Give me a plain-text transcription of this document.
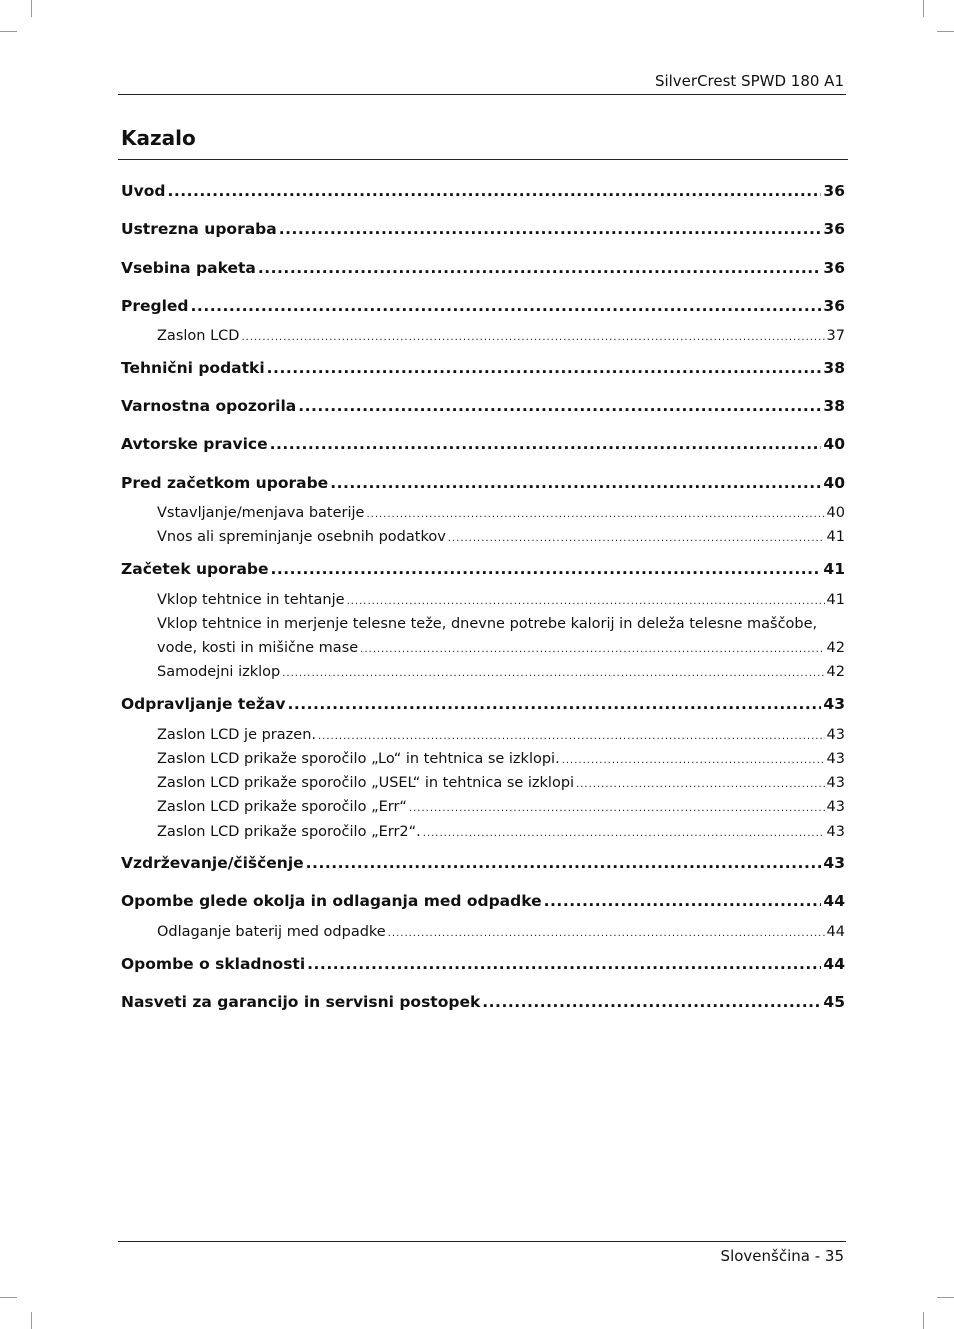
SilverCrest SPWD 180 A1
Kazalo
Uvod .....	36
Ustrezna uporaba .....	36
Vsebina paketa .....	36
Pregled .....	36
Zaslon LCD .....	37
Tehnični podatki .....	38
Varnostna opozorila .....	38
Avtorske pravice .....	40
Pred začetkom uporabe .....	40
Vstavljanje/menjava baterije .....	40
Vnos ali spreminjanje osebnih podatkov .....	41
Začetek uporabe .....	41
Vklop tehtnice in tehtanje .....	41
Vklop tehtnice in merjenje telesne teže, dnevne potrebe kalorij in deleža telesne maščobe,
vode, kosti in mišične mase .....	42
Samodejni izklop .....	42
Odpravljanje težav .....	43
Zaslon LCD je prazen. .....	43
Zaslon LCD prikaže sporočilo „Lo“ in tehtnica se izklopi. .....	43
Zaslon LCD prikaže sporočilo „USEL“ in tehtnica se izklopi .....	43
Zaslon LCD prikaže sporočilo „Err“ .....	43
Zaslon LCD prikaže sporočilo „Err2“. .....	43
Vzdrževanje/čiščenje .....	43
Opombe glede okolja in odlaganja med odpadke .....	44
Odlaganje baterij med odpadke .....	44
Opombe o skladnosti .....	44
Nasveti za garancijo in servisni postopek .....	45
Slovenščina - 35
